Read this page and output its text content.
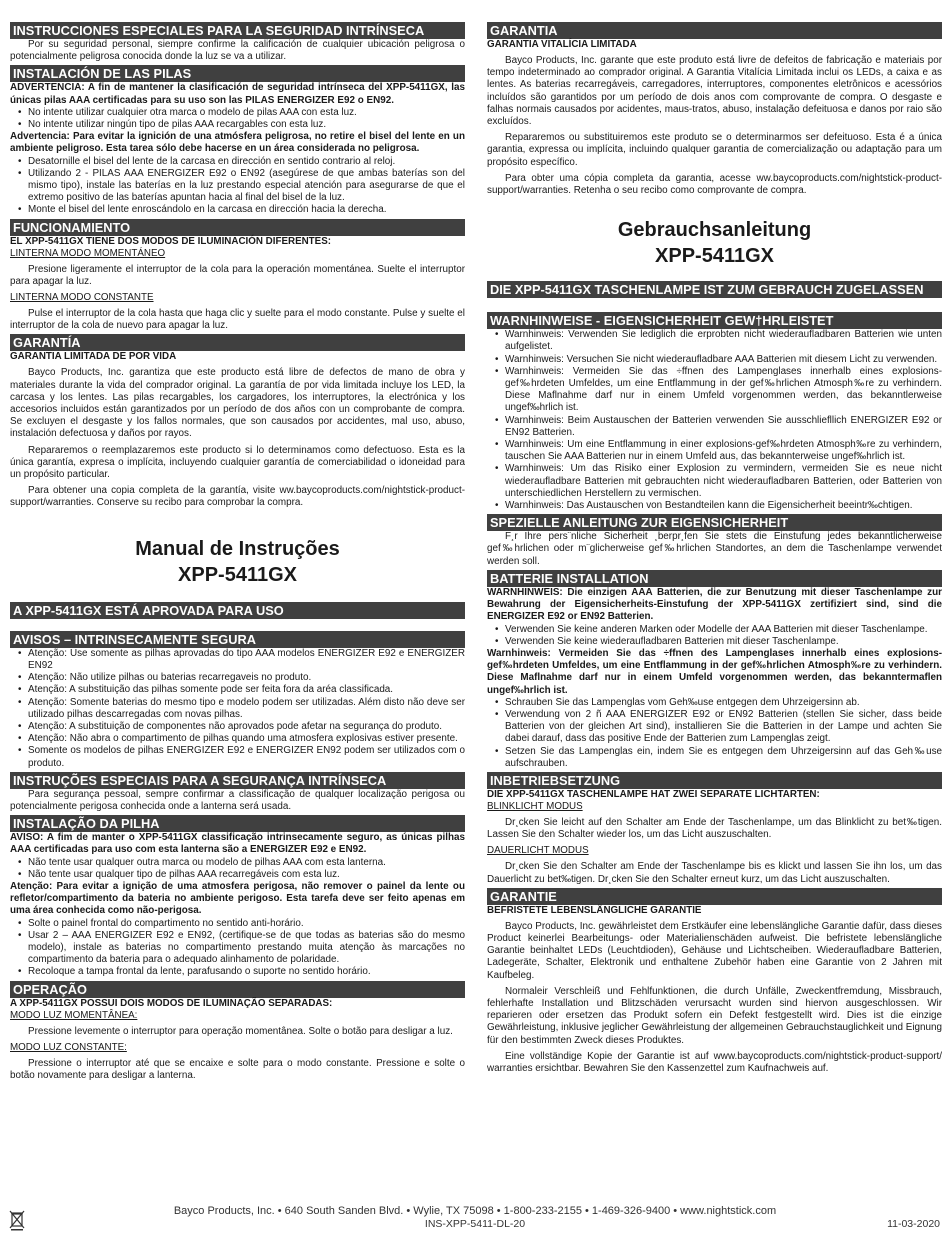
INSTRUCCIONES ESPECIALES PARA LA SEGURIDAD INTRÍNSECA
Por su seguridad personal, siempre confirme la calificación de cualquier ubicación peligrosa o potencialmente peligrosa conocida donde la luz se va a utilizar.
INSTALACIÓN DE LAS PILAS
ADVERTENCIA: A fin de mantener la clasificación de seguridad intrínseca del XPP-5411GX, las únicas pilas AAA certificadas para su uso son las PILAS ENERGIZER E92 o EN92.
• No intente utilizar cualquier otra marca o modelo de pilas AAA con esta luz.
• No intente utilizar ningún tipo de pilas AAA recargables con esta luz.
Advertencia: Para evitar la ignición de una atmósfera peligrosa, no retire el bisel del lente en un ambiente peligroso. Esta tarea sólo debe hacerse en un área considerada no peligrosa.
• Desatornille el bisel del lente de la carcasa en dirección en sentido contrario al reloj.
• Utilizando 2 - PILAS AAA ENERGIZER E92 o EN92 (asegúrese de que ambas baterías son del mismo tipo), instale las baterías en la luz prestando especial atención para asegurarse de que el extremo positivo de las baterías apuntan hacia al final del bisel de la luz.
• Monte el bisel del lente enroscándolo en la carcasa en dirección hacia la derecha.
FUNCIONAMIENTO
EL XPP-5411GX TIENE DOS MODOS DE ILUMINACIÓN DIFERENTES:
LINTERNA MODO MOMENTÁNEO
Presione ligeramente el interruptor de la cola para la operación momentánea. Suelte el interruptor para apagar la luz.
LINTERNA MODO CONSTANTE
Pulse el interruptor de la cola hasta que haga clic y suelte para el modo constante. Pulse y suelte el interruptor de la cola de nuevo para apagar la luz.
GARANTÍA
GARANTIA LIMITADA DE POR VIDA
Bayco Products, Inc. garantiza que este producto está libre de defectos de mano de obra y materiales durante la vida del comprador original. La garantía de por vida limitada incluye los LED, la carcasa y los lentes. Las pilas recargables, los cargadores, los interruptores, la electrónica y los accesorios incluidos están garantizados por un período de dos años con un comprobante de compra. Se excluyen el desgaste y los fallos normales, que son causados por accidentes, mal uso, abuso, instalación defectuosa y daños por rayos.
Repararemos o reemplazaremos este producto si lo determinamos como defectuoso. Esta es la única garantía, expresa o implícita, incluyendo cualquier garantía de comerciabilidad o idoneidad para un propósito particular.
Para obtener una copia completa de la garantía, visite ww.baycoproducts.com/nightstick-product-support/warranties. Conserve su recibo para comprobar la compra.
Manual de Instruções
XPP-5411GX
A XPP-5411GX ESTÁ APROVADA PARA USO
AVISOS – INTRINSECAMENTE SEGURA
• Atenção: Use somente as pilhas aprovadas do tipo AAA modelos ENERGIZER E92 e ENERGIZER EN92
• Atenção: Não utilize pilhas ou baterias recarregaveis no produto.
• Atenção: A substituição das pilhas somente pode ser feita fora da aréa classificada.
• Atenção: Somente baterias do mesmo tipo e modelo podem ser utilizadas. Além disto não deve ser utilizado pilhas descarregadas com novas pilhas.
• Atenção: A substituição de componentes não aprovados pode afetar na segurança do produto.
• Atenção: Não abra o compartimento de pilhas quando uma atmosfera explosivas estiver presente.
• Somente os modelos de pilhas ENERGIZER E92 e ENERGIZER EN92 podem ser utilizados com o produto.
INSTRUÇÕES ESPECIAIS PARA A SEGURANÇA INTRÍNSECA
Para segurança pessoal, sempre confirmar a classificação de qualquer localização perigosa ou potencialmente perigosa conhecida onde a lanterna será usada.
INSTALAÇÃO DA PILHA
AVISO: A fim de manter o XPP-5411GX classificação intrinsecamente seguro, as únicas pilhas AAA certificadas para uso com esta lanterna são a ENERGIZER E92 e EN92.
• Não tente usar qualquer outra marca ou modelo de pilhas AAA com esta lanterna.
• Não tente usar qualquer tipo de pilhas AAA recarregáveis com esta luz.
Atenção: Para evitar a ignição de uma atmosfera perigosa, não remover o painel da lente ou refletor/compartimento da bateria no ambiente perigoso. Esta tarefa deve ser feito apenas em uma área conhecida como não-perigosa.
• Solte o painel frontal do compartimento no sentido anti-horário.
• Usar 2 – AAA ENERGIZER E92 e EN92, (certifique-se de que todas as baterias são do mesmo modelo), instale as baterias no compartimento prestando muita atenção às marcações no compartimento da bateria para o adequado alinhamento de polaridade.
• Recoloque a tampa frontal da lente, parafusando o suporte no sentido horário.
OPERAÇÃO
A XPP-5411GX POSSUI DOIS MODOS DE ILUMINAÇÃO SEPARADAS:
MODO LUZ MOMENTÂNEA:
Pressione levemente o interruptor para operação momentânea. Solte o botão para desligar a luz.
MODO LUZ CONSTANTE:
Pressione o interruptor até que se encaixe e solte para o modo constante. Pressione e solte o botão novamente para desligar a lanterna.
GARANTIA
GARANTIA VITALÍCIA LIMITADA
Bayco Products, Inc. garante que este produto está livre de defeitos de fabricação e materiais por tempo indeterminado ao comprador original. A Garantia Vitalícia Limitada inclui os LEDs, a caixa e as lentes. As baterias recarregáveis, carregadores, interruptores, componentes eletrônicos e acessórios incluídos são garantidos por um período de dois anos com comprovante de compra. O desgaste e falhas normais causados por acidentes, maus-tratos, abuso, instalação defeituosa e danos por raio são excluídos.
Repararemos ou substituiremos este produto se o determinarmos ser defeituoso. Esta é a única garantia, expressa ou implícita, incluindo qualquer garantia de comercialização ou adaptação para um propósito específico.
Para obter uma cópia completa da garantia, acesse ww.baycoproducts.com/nightstick-product-support/warranties. Retenha o seu recibo como comprovante de compra.
Gebrauchsanleitung
XPP-5411GX
DIE XPP-5411GX TASCHENLAMPE IST ZUM GEBRAUCH ZUGELASSEN
WARNHINWEISE - EIGENSICHERHEIT GEW†HRLEISTET
• Warnhinweis: Verwenden Sie lediglich die erprobten nicht wiederaufladbaren Batterien wie unten aufgelistet.
• Warnhinweis: Versuchen Sie nicht wiederaufladbare AAA Batterien mit diesem Licht zu verwenden.
• Warnhinweis: Vermeiden Sie das ÷ffnen des Lampenglases innerhalb eines explosions-gef‰hrdeten Umfeldes, um eine Entflammung in der gef‰hrlichen Atmosph‰re zu verhindern. Diese Maflnahme darf nur in einem Umfeld vorgenommen werden, das bekanntlerweise ungef‰hrlich ist.
• Warnhinweis: Beim Austauschen der Batterien verwenden Sie ausschliefllich ENERGIZER E92 or EN92 Batterien.
• Warnhinweis: Um eine Entflammung in einer explosions-gef‰hrdeten Atmosph‰re zu verhindern, tauschen Sie AAA Batterien nur in einem Umfeld aus, das bekannterweise ungef‰hrlich ist.
• Warnhinweis: Um das Risiko einer Explosion zu vermindern, vermeiden Sie es neue nicht wiederaufladbare Batterien mit gebrauchten nicht wiederaufladbaren Batterien, oder Batterien von unterschiedlichen Herstellern zu vermischen.
• Warnhinweis: Das Austauschen von Bestandteilen kann die Eigensicherheit beeintr‰chtigen.
SPEZIELLE ANLEITUNG ZUR EIGENSICHERHEIT
F¸r Ihre pers¨nliche Sicherheit ¸berpr¸fen Sie stets die Einstufung jedes bekanntlicherweise gef‰hrlichen oder m¨glicherweise gef‰hrlichen Standortes, an dem die Taschenlampe verwendet werden soll.
BATTERIE INSTALLATION
WARNHINWEIS: Die einzigen AAA Batterien, die zur Benutzung mit dieser Taschenlampe zur Bewahrung der Eigensicherheits-Einstufung der XPP-5411GX zertifiziert sind, sind die ENERGIZER E92 or EN92 Batterien.
• Verwenden Sie keine anderen Marken oder Modelle der AAA Batterien mit dieser Taschenlampe.
• Verwenden Sie keine wiederaufladbaren Batterien mit dieser Taschenlampe.
Warnhinweis: Vermeiden Sie das ÷ffnen des Lampenglases innerhalb eines explosions-gef‰hrdeten Umfeldes, um eine Entflammung in der gef‰hrlichen Atmosph‰re zu verhindern. Diese Maflnahme darf nur in einem Umfeld vorgenommen werden, das bekanntermaflen ungef‰hrlich ist.
• Schrauben Sie das Lampenglas vom Geh‰use entgegen dem Uhrzeigersinn ab.
• Verwendung von 2 ñ AAA ENERGIZER E92 or EN92 Batterien (stellen Sie sicher, dass beide Batterien von der gleichen Art sind), installieren Sie die Batterien in der Lampe und achten Sie dabei darauf, dass das positive Ende der Batterien zum Lampenglas zeigt.
• Setzen Sie das Lampenglas ein, indem Sie es entgegen dem Uhrzeigersinn auf das Geh‰use aufschrauben.
INBETRIEBSETZUNG
DIE XPP-5411GX TASCHENLAMPE HAT ZWEI SEPARATE LICHTARTEN:
BLINKLICHT MODUS
Dr¸cken Sie leicht auf den Schalter am Ende der Taschenlampe, um das Blinklicht zu bet‰tigen. Lassen Sie den Schalter wieder los, um das Licht auszuschalten.
DAUERLICHT MODUS
Dr¸cken Sie den Schalter am Ende der Taschenlampe bis es klickt und lassen Sie ihn los, um das Dauerlicht zu bet‰tigen. Dr¸cken Sie den Schalter erneut kurz, um das Licht auszuschalten.
GARANTIE
BEFRISTETE LEBENSLÄNGLICHE GARANTIE
Bayco Products, Inc. gewährleistet dem Erstkäufer eine lebenslängliche Garantie dafür, dass dieses Product keinerlei Bearbeitungs- oder Materialienschäden aufweist. Die befristete lebenslängliche Garantie beinhaltet LEDs (Leuchtdioden), Gehäuse und Lichtscheiben. Wiederaufladbare Batterien, Ladegeräte, Schalter, Elektronik und enthaltene Zubehör haben eine Garantie von 2 Jahren mit Kaufbeleg.
Normaleir Verschleiß und Fehlfunktionen, die durch Unfälle, Zweckentfremdung, Missbrauch, fehlerhafte Installation und Blitzschäden verursacht wurden sind hiervon ausgeschlossen. Wir reparieren oder ersetzen das Produkt sofern ein Defekt festgestellt wird. Dies ist die einzige Gewährleistung, inklusive jeglicher Gewährleistung der allgemeinen Gebrauchstauglichkeit und Eignung für den bestimmten Zweck dieses Produktes.
Eine vollständige Kopie der Garantie ist auf www.baycoproducts.com/nightstick-product-support/ warranties ersichtbar. Bewahren Sie den Kassenzettel zum Kaufnachweis auf.
Bayco Products, Inc. • 640 South Sanden Blvd. • Wylie, TX 75098 • 1-800-233-2155 • 1-469-326-9400 • www.nightstick.com
INS-XPP-5411-DL-20	11-03-2020
